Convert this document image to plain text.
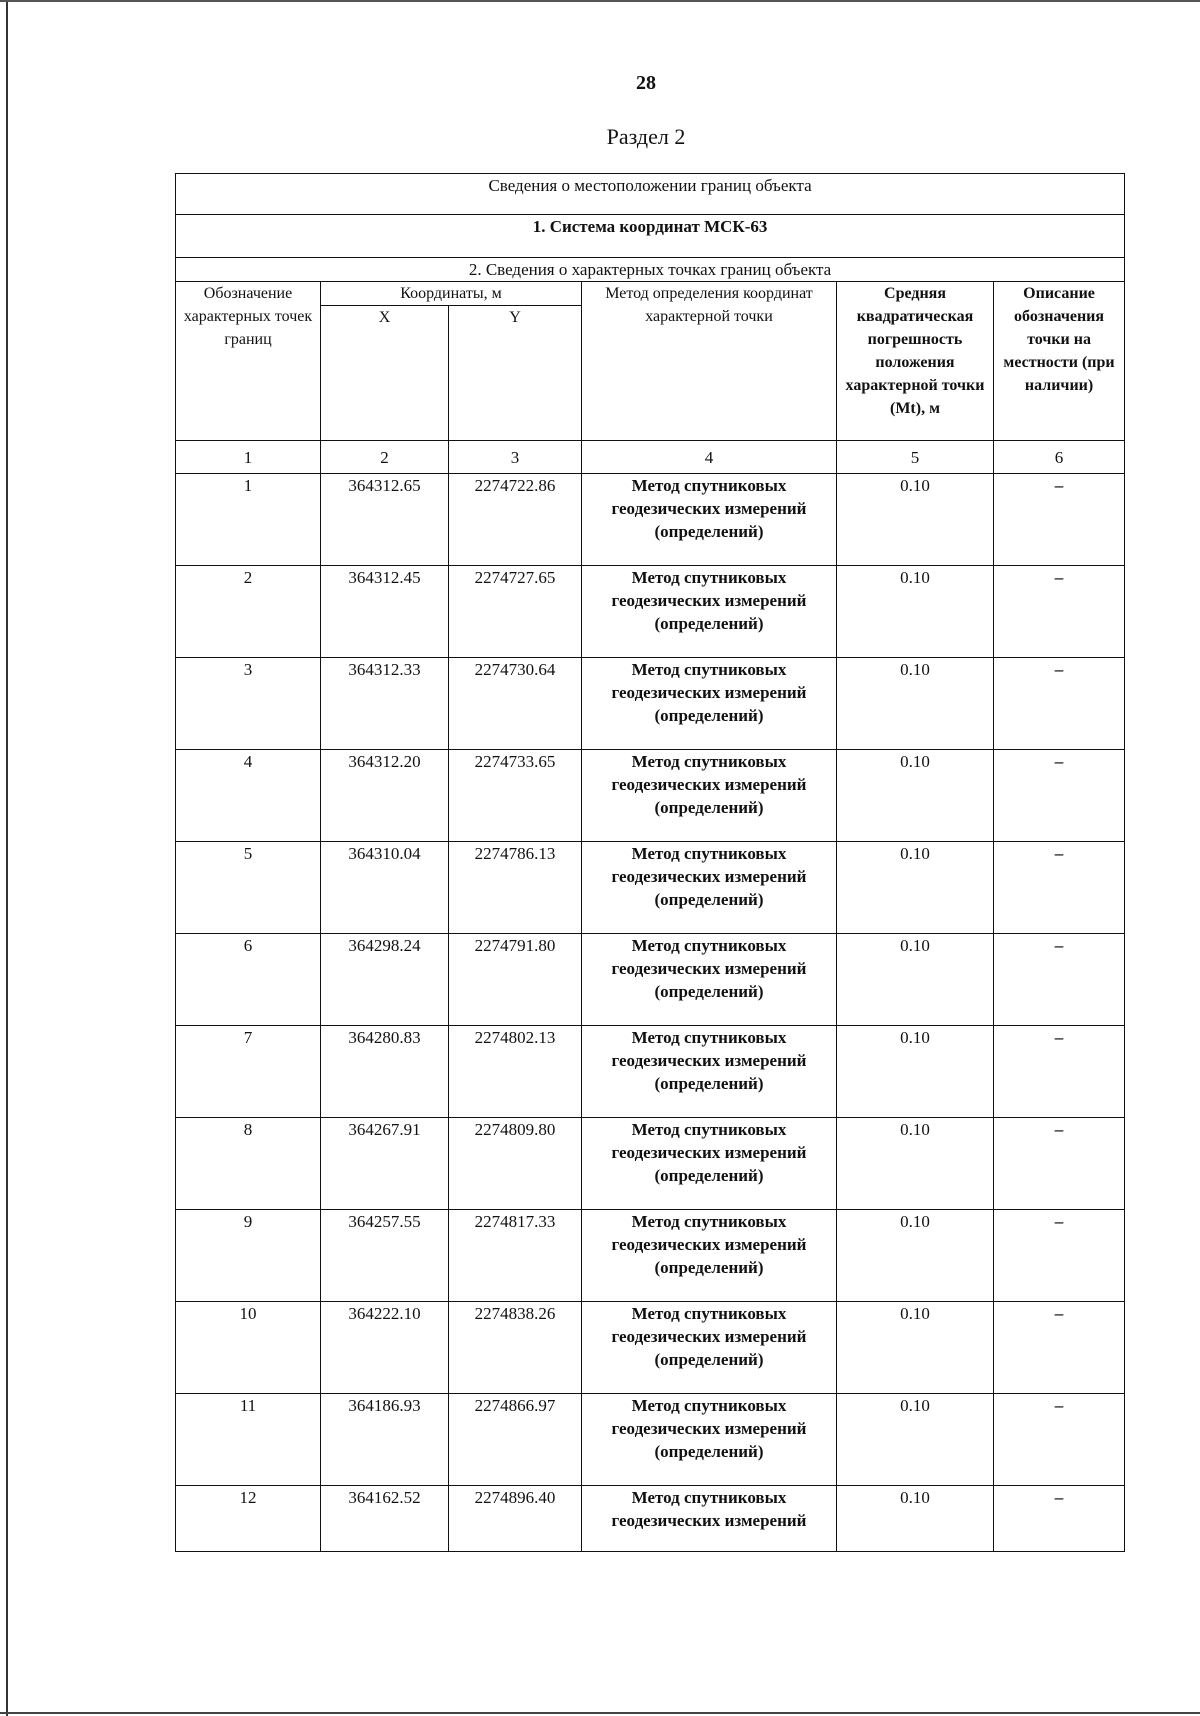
28
Раздел 2
Сведения о местоположении границ объекта					
1. Система координат МСК-63					
2. Сведения о характерных точках границ объекта					
Обозначение характерных точек границ	Координаты, м		Метод определения координат характерной точки	Средняя квадратическая погрешность положения характерной точки (Mt), м	Описание обозначения точки на местности (при наличии)
	X	Y			
1	2	3	4	5	6
1	364312.65	2274722.86	Метод спутниковых геодезических измерений (определений)	0.10	–
2	364312.45	2274727.65	Метод спутниковых геодезических измерений (определений)	0.10	–
3	364312.33	2274730.64	Метод спутниковых геодезических измерений (определений)	0.10	–
4	364312.20	2274733.65	Метод спутниковых геодезических измерений (определений)	0.10	–
5	364310.04	2274786.13	Метод спутниковых геодезических измерений (определений)	0.10	–
6	364298.24	2274791.80	Метод спутниковых геодезических измерений (определений)	0.10	–
7	364280.83	2274802.13	Метод спутниковых геодезических измерений (определений)	0.10	–
8	364267.91	2274809.80	Метод спутниковых геодезических измерений (определений)	0.10	–
9	364257.55	2274817.33	Метод спутниковых геодезических измерений (определений)	0.10	–
10	364222.10	2274838.26	Метод спутниковых геодезических измерений (определений)	0.10	–
11	364186.93	2274866.97	Метод спутниковых геодезических измерений (определений)	0.10	–
12	364162.52	2274896.40	Метод спутниковых геодезических измерений	0.10	–
